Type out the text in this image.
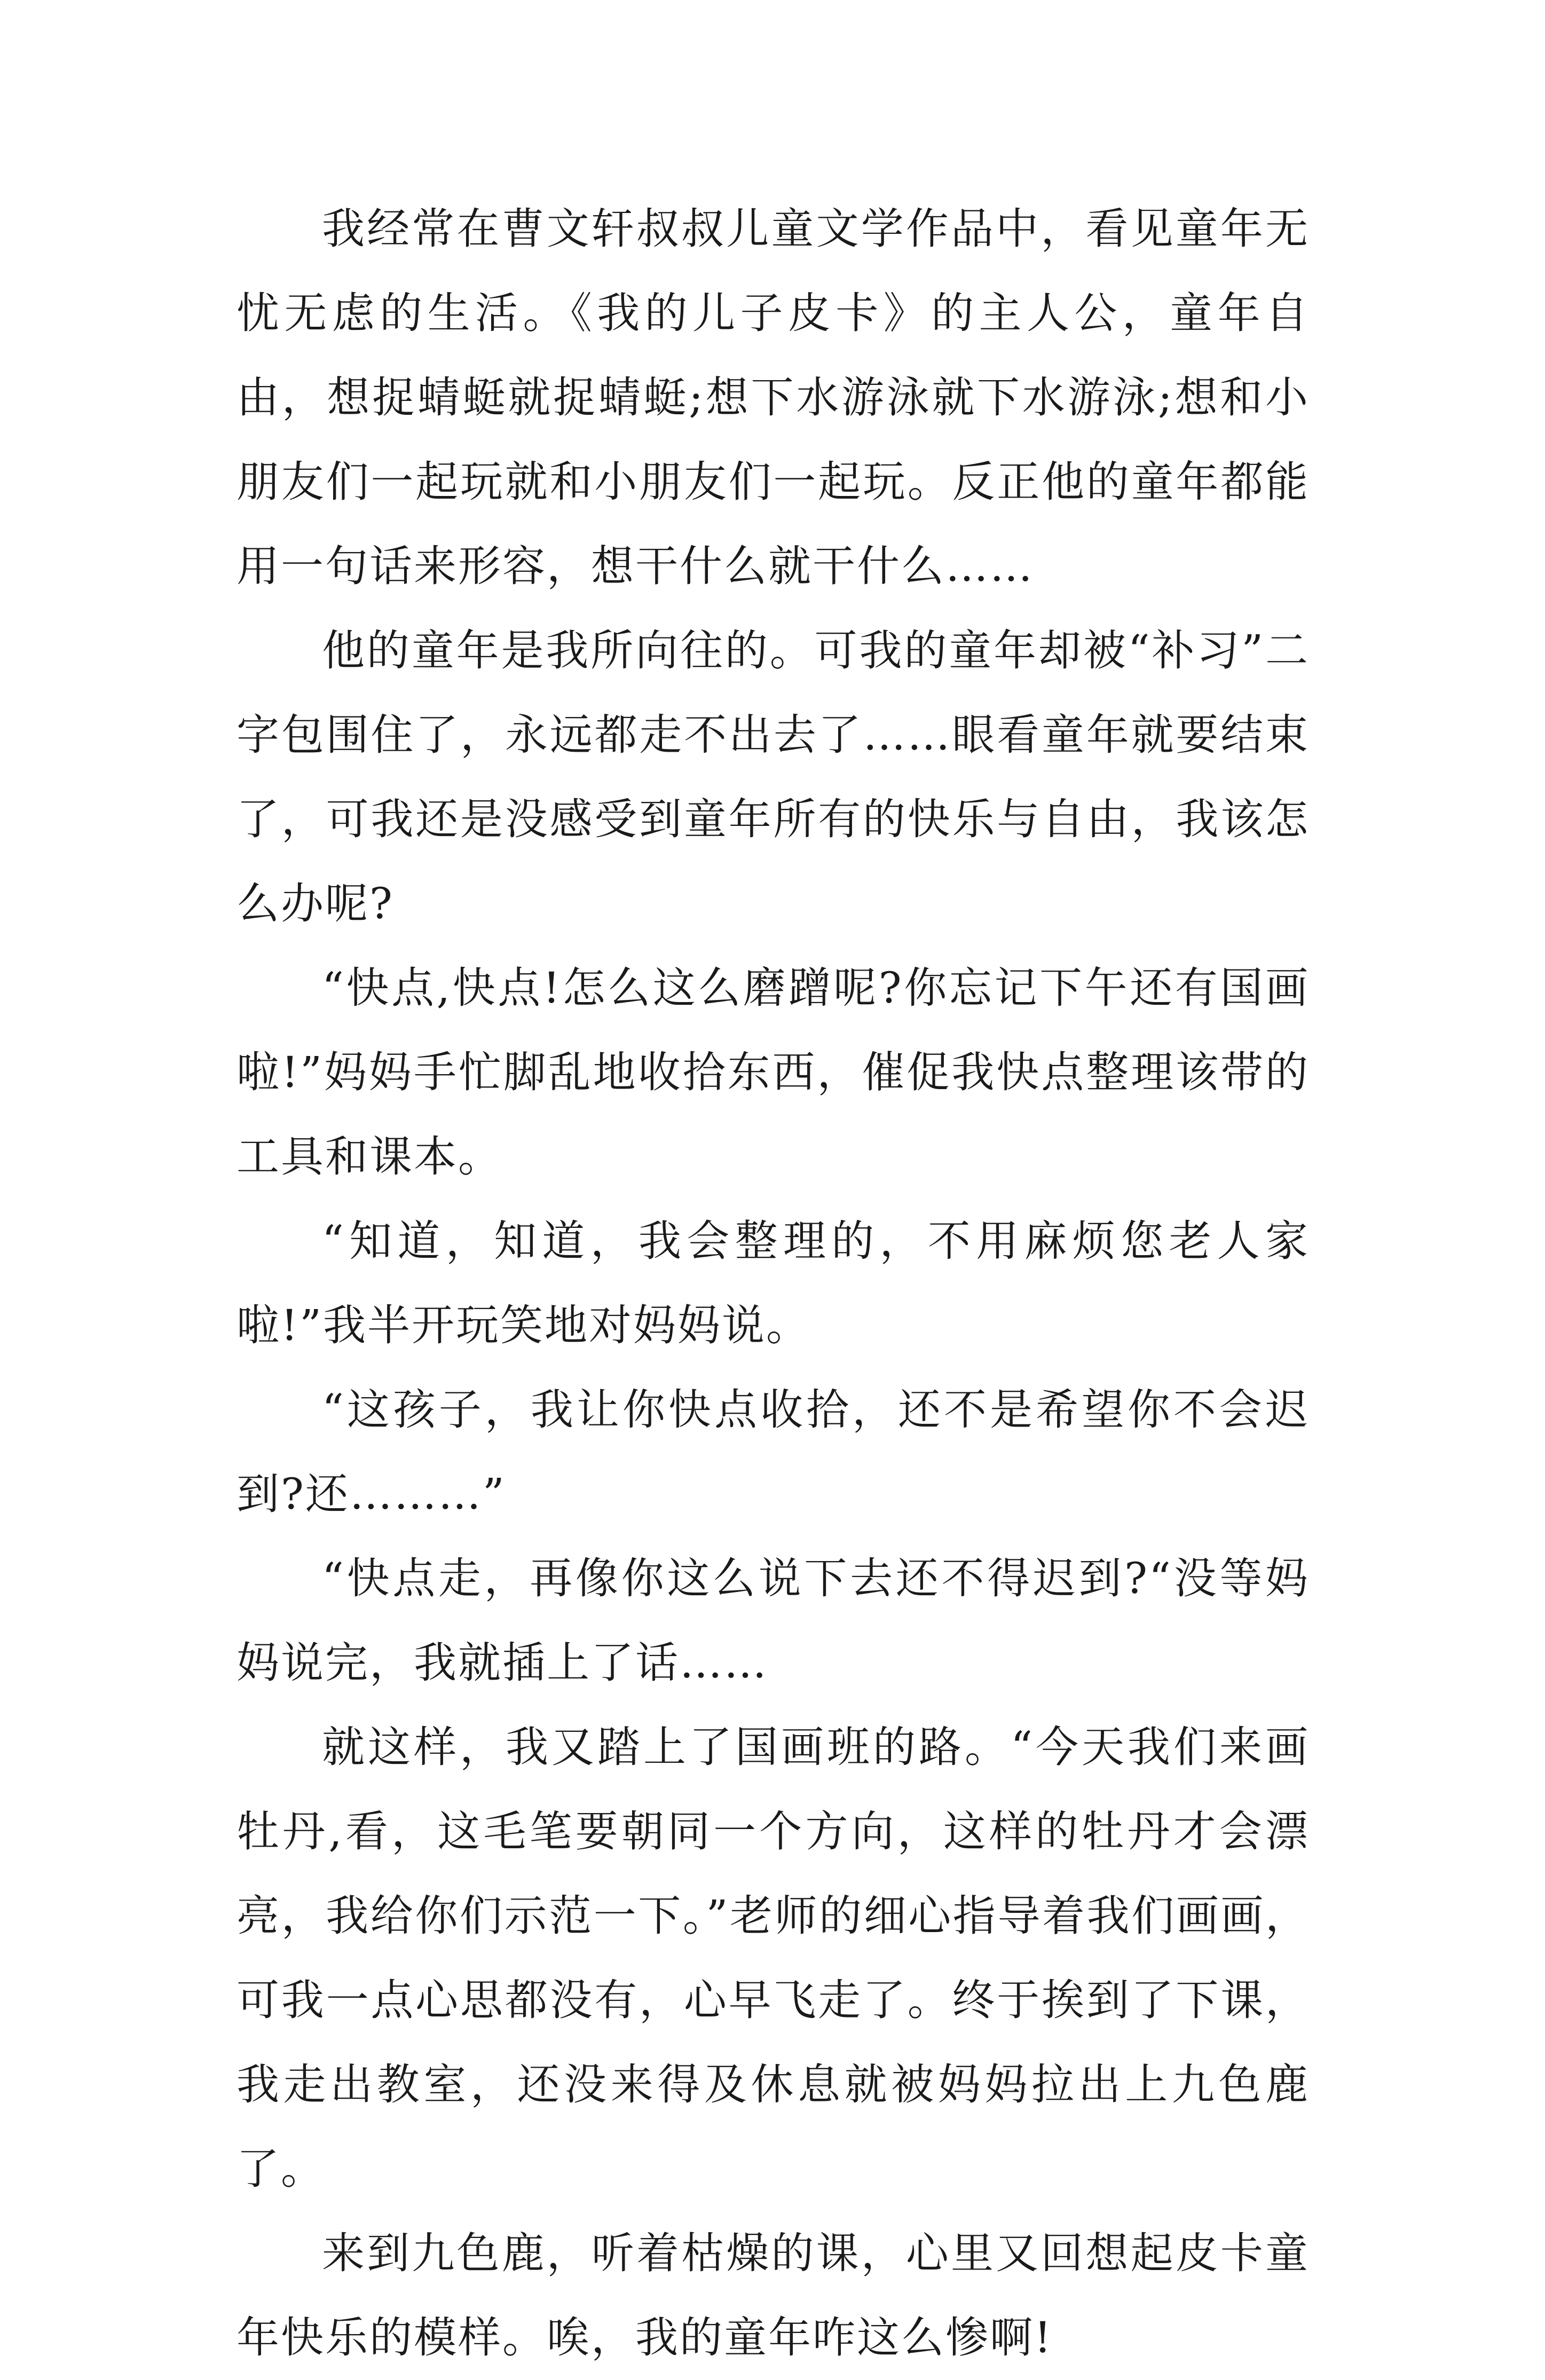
我经常在曹文轩叔叔儿童文学作品中，看见童年无忧无虑的生活。《我的儿子皮卡》的主人公，童年自由，想捉蜻蜓就捉蜻蜓;想下水游泳就下水游泳;想和小朋友们一起玩就和小朋友们一起玩。反正他的童年都能用一句话来形容，想干什么就干什么……

他的童年是我所向往的。可我的童年却被“补习”二字包围住了，永远都走不出去了……眼看童年就要结束了，可我还是没感受到童年所有的快乐与自由，我该怎么办呢?

“快点,快点!怎么这么磨蹭呢?你忘记下午还有国画啦!”妈妈手忙脚乱地收拾东西，催促我快点整理该带的工具和课本。

“知道，知道，我会整理的，不用麻烦您老人家啦!”我半开玩笑地对妈妈说。

“这孩子，我让你快点收拾，还不是希望你不会迟到?还………”

“快点走，再像你这么说下去还不得迟到?“没等妈妈说完，我就插上了话……

就这样，我又踏上了国画班的路。“今天我们来画牡丹,看，这毛笔要朝同一个方向，这样的牡丹才会漂亮，我给你们示范一下。”老师的细心指导着我们画画，可我一点心思都没有，心早飞走了。终于挨到了下课，我走出教室，还没来得及休息就被妈妈拉出上九色鹿了。

来到九色鹿，听着枯燥的课，心里又回想起皮卡童年快乐的模样。唉，我的童年咋这么惨啊!
